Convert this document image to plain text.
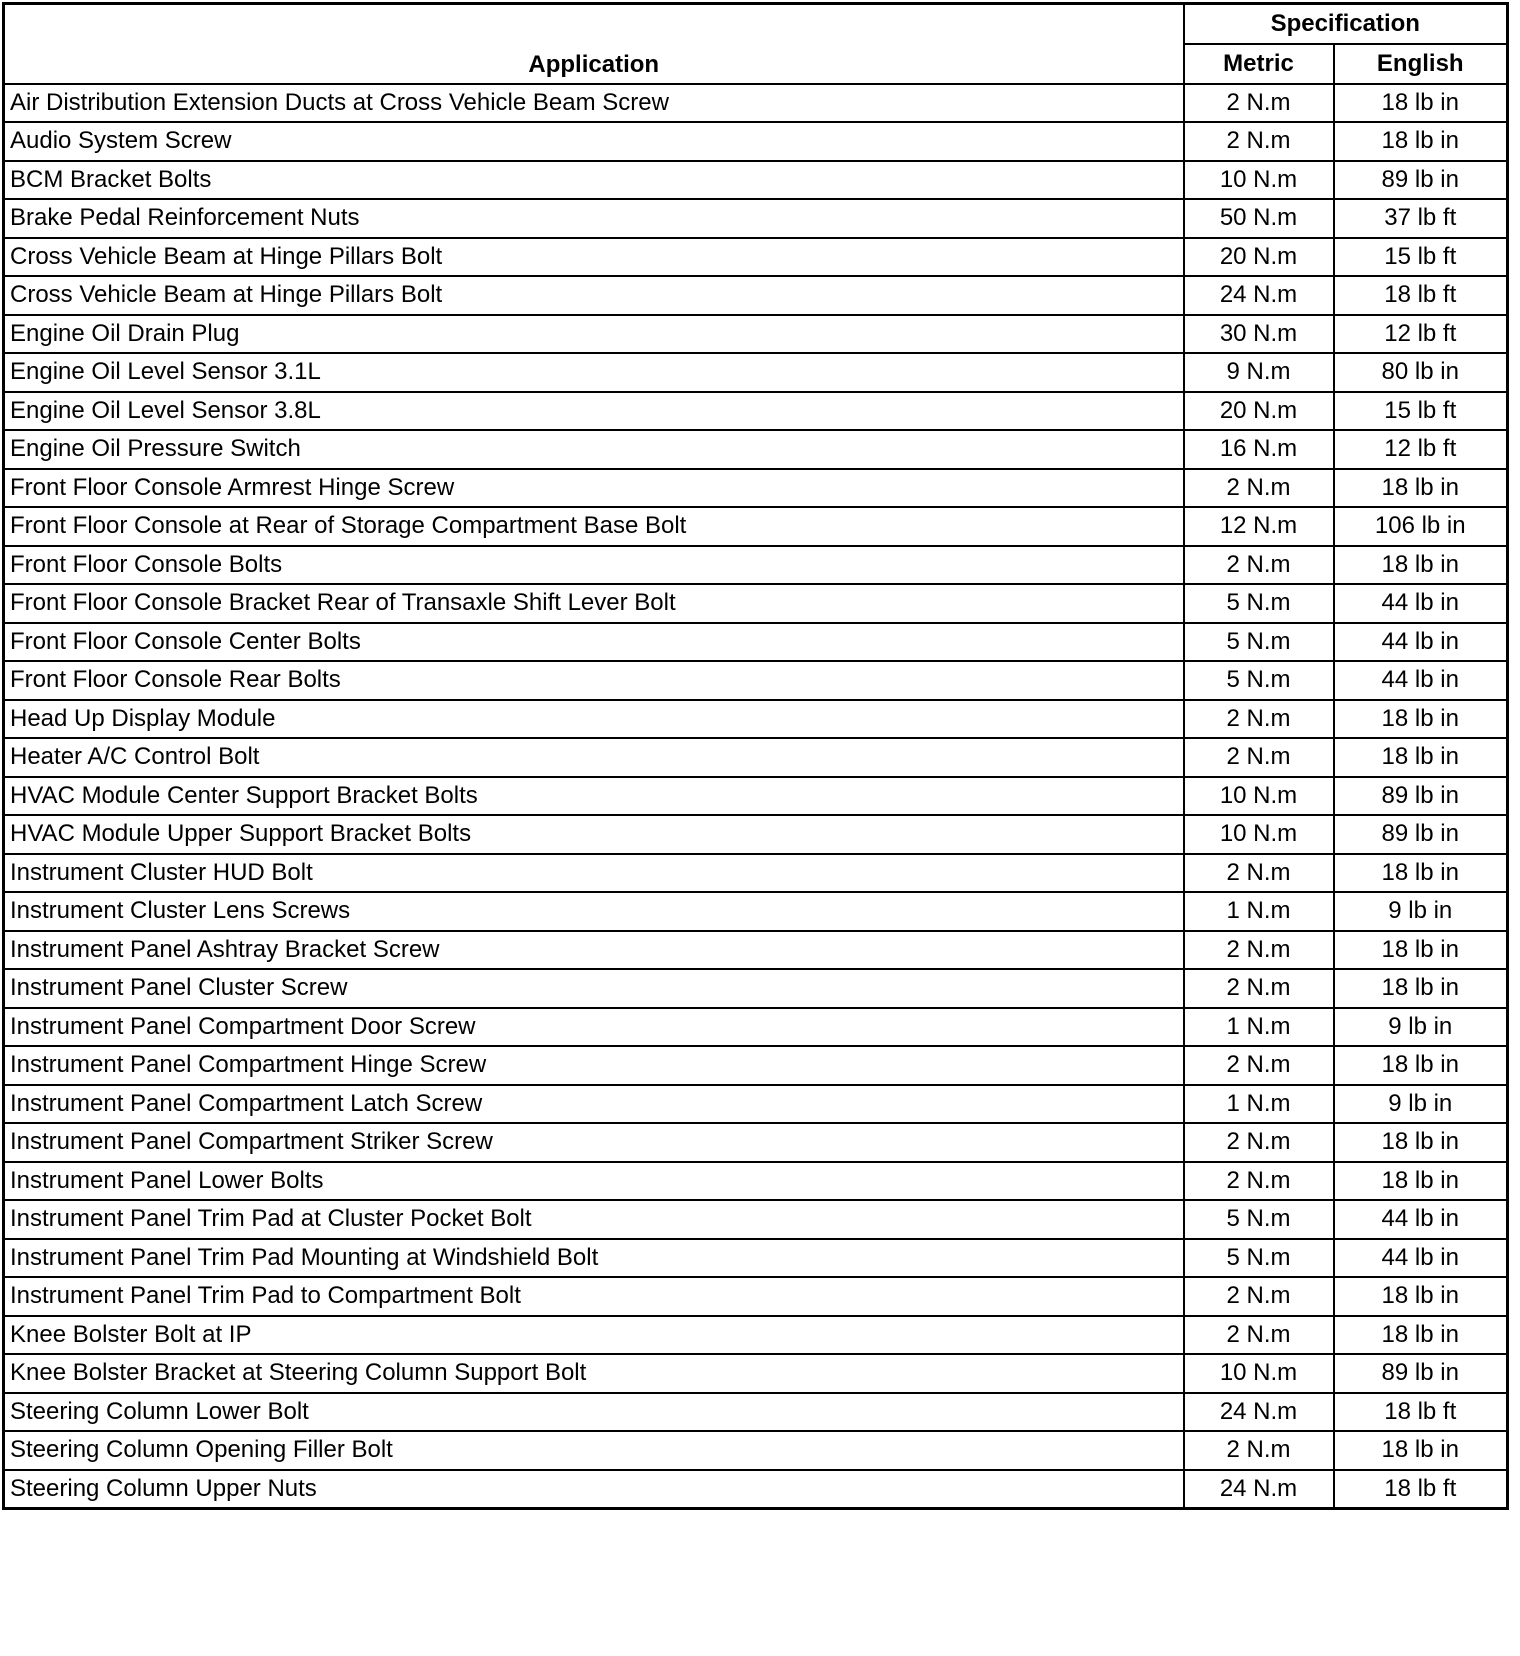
Application	Specification	
	Metric	English
Air Distribution Extension Ducts at Cross Vehicle Beam Screw	2 N.m	18 lb in
Audio System Screw	2 N.m	18 lb in
BCM Bracket Bolts	10 N.m	89 lb in
Brake Pedal Reinforcement Nuts	50 N.m	37 lb ft
Cross Vehicle Beam at Hinge Pillars Bolt	20 N.m	15 lb ft
Cross Vehicle Beam at Hinge Pillars Bolt	24 N.m	18 lb ft
Engine Oil Drain Plug	30 N.m	12 lb ft
Engine Oil Level Sensor 3.1L	9 N.m	80 lb in
Engine Oil Level Sensor 3.8L	20 N.m	15 lb ft
Engine Oil Pressure Switch	16 N.m	12 lb ft
Front Floor Console Armrest Hinge Screw	2 N.m	18 lb in
Front Floor Console at Rear of Storage Compartment Base Bolt	12 N.m	106 lb in
Front Floor Console Bolts	2 N.m	18 lb in
Front Floor Console Bracket Rear of Transaxle Shift Lever Bolt	5 N.m	44 lb in
Front Floor Console Center Bolts	5 N.m	44 lb in
Front Floor Console Rear Bolts	5 N.m	44 lb in
Head Up Display Module	2 N.m	18 lb in
Heater A/C Control Bolt	2 N.m	18 lb in
HVAC Module Center Support Bracket Bolts	10 N.m	89 lb in
HVAC Module Upper Support Bracket Bolts	10 N.m	89 lb in
Instrument Cluster HUD Bolt	2 N.m	18 lb in
Instrument Cluster Lens Screws	1 N.m	9 lb in
Instrument Panel Ashtray Bracket Screw	2 N.m	18 lb in
Instrument Panel Cluster Screw	2 N.m	18 lb in
Instrument Panel Compartment Door Screw	1 N.m	9 lb in
Instrument Panel Compartment Hinge Screw	2 N.m	18 lb in
Instrument Panel Compartment Latch Screw	1 N.m	9 lb in
Instrument Panel Compartment Striker Screw	2 N.m	18 lb in
Instrument Panel Lower Bolts	2 N.m	18 lb in
Instrument Panel Trim Pad at Cluster Pocket Bolt	5 N.m	44 lb in
Instrument Panel Trim Pad Mounting at Windshield Bolt	5 N.m	44 lb in
Instrument Panel Trim Pad to Compartment Bolt	2 N.m	18 lb in
Knee Bolster Bolt at IP	2 N.m	18 lb in
Knee Bolster Bracket at Steering Column Support Bolt	10 N.m	89 lb in
Steering Column Lower Bolt	24 N.m	18 lb ft
Steering Column Opening Filler Bolt	2 N.m	18 lb in
Steering Column Upper Nuts	24 N.m	18 lb ft
